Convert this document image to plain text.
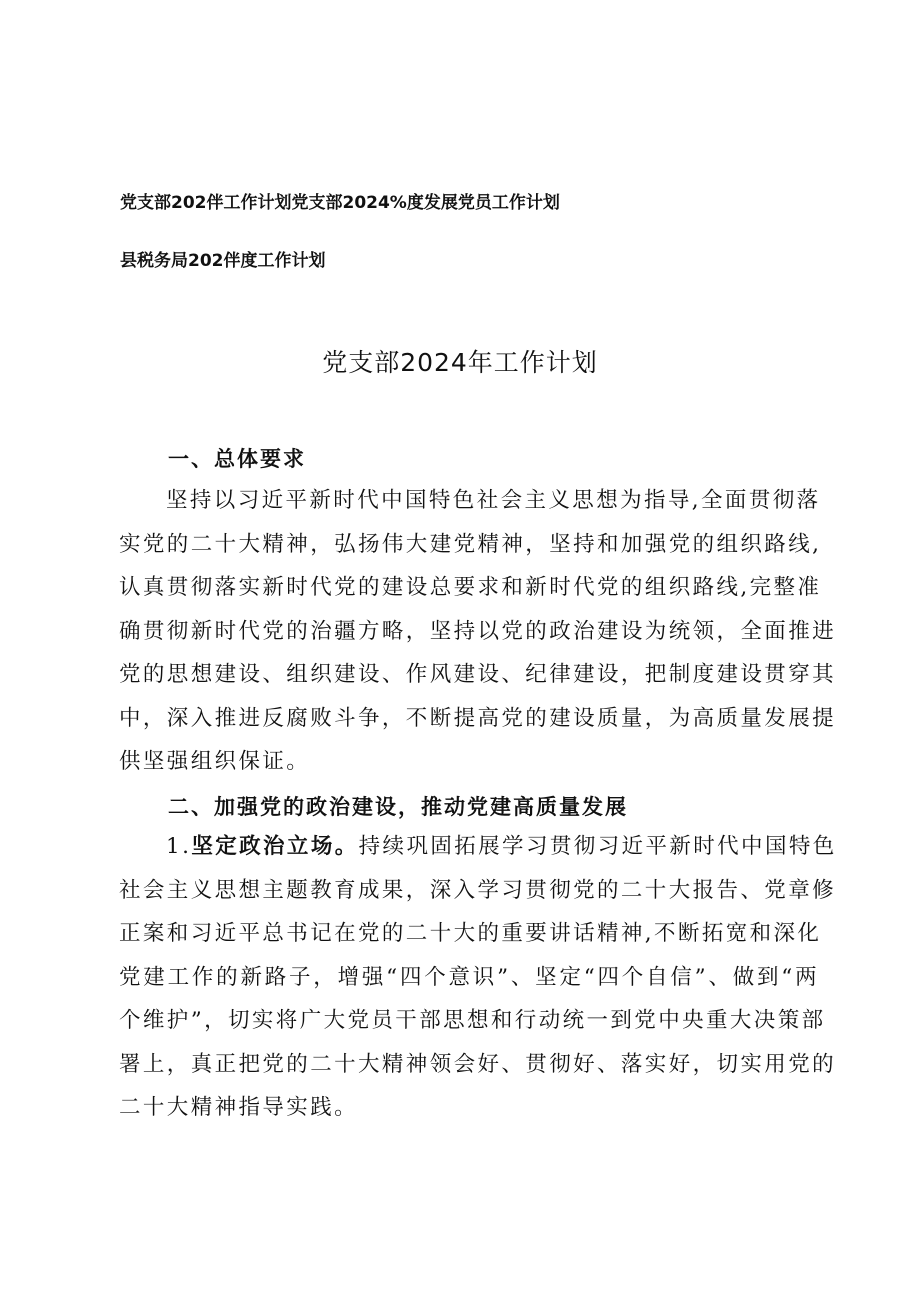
党支部202伴工作计划党支部2024%度发展党员工作计划
县税务局202伴度工作计划
党支部2024年工作计划
一、总体要求
坚持以习近平新时代中国特色社会主义思想为指导,全面贯彻落
实党的二十大精神，弘扬伟大建党精神，坚持和加强党的组织路线,
认真贯彻落实新时代党的建设总要求和新时代党的组织路线,完整准
确贯彻新时代党的治疆方略，坚持以党的政治建设为统领，全面推进
党的思想建设、组织建设、作风建设、纪律建设，把制度建设贯穿其
中，深入推进反腐败斗争，不断提高党的建设质量，为高质量发展提
供坚强组织保证。
二、加强党的政治建设，推动党建高质量发展
1.坚定政治立场。持续巩固拓展学习贯彻习近平新时代中国特色
社会主义思想主题教育成果，深入学习贯彻党的二十大报告、党章修
正案和习近平总书记在党的二十大的重要讲话精神,不断拓宽和深化
党建工作的新路子，增强“四个意识”、坚定“四个自信”、做到“两
个维护”，切实将广大党员干部思想和行动统一到党中央重大决策部
署上，真正把党的二十大精神领会好、贯彻好、落实好，切实用党的
二十大精神指导实践。
